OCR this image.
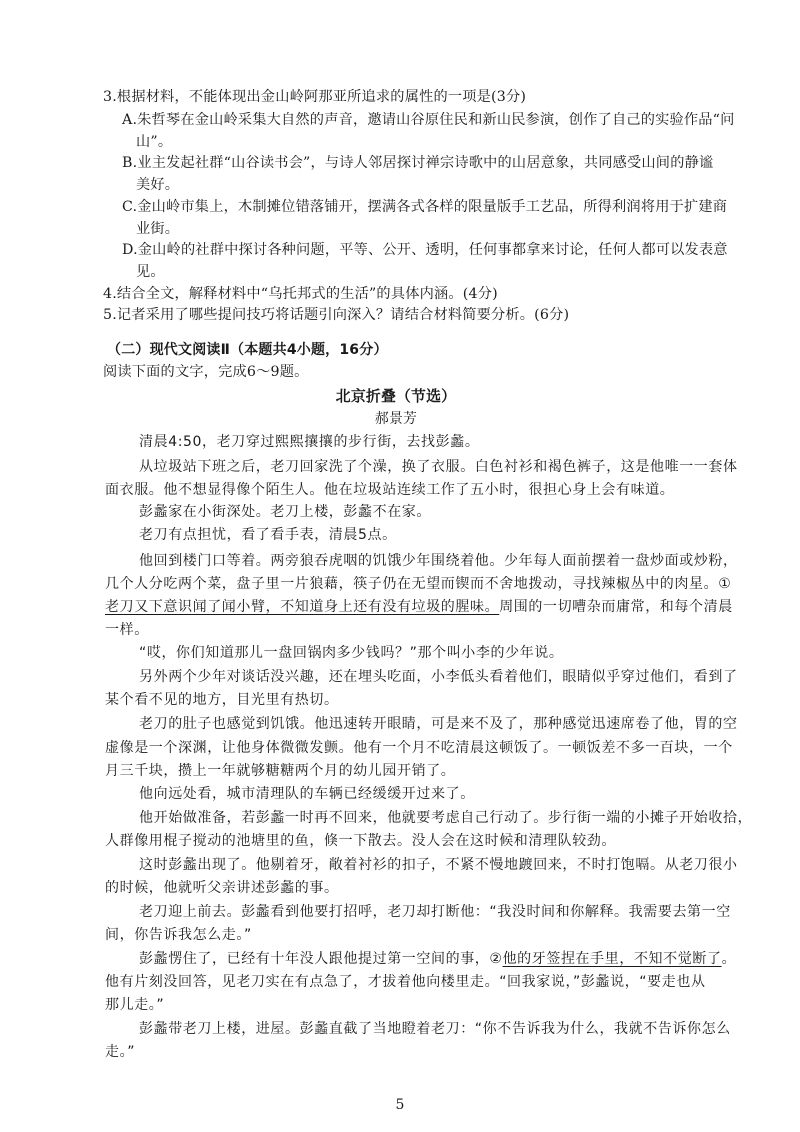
3.根据材料，不能体现出金山岭阿那亚所追求的属性的一项是(3分)
A.朱哲琴在金山岭采集大自然的声音，邀请山谷原住民和新山民参演，创作了自己的实验作品“问
山”。
B.业主发起社群“山谷读书会”，与诗人邻居探讨禅宗诗歌中的山居意象，共同感受山间的静谧
美好。
C.金山岭市集上，木制摊位错落铺开，摆满各式各样的限量版手工艺品，所得利润将用于扩建商
业街。
D.金山岭的社群中探讨各种问题，平等、公开、透明，任何事都拿来讨论，任何人都可以发表意
见。
4.结合全文，解释材料中“乌托邦式的生活”的具体内涵。(4分)
5.记者采用了哪些提问技巧将话题引向深入？请结合材料简要分析。(6分)
（二）现代文阅读Ⅱ（本题共4小题，16分）
阅读下面的文字，完成6～9题。
北京折叠（节选）
郝景芳
清晨4:50，老刀穿过熙熙攘攘的步行街，去找彭蠡。
从垃圾站下班之后，老刀回家洗了个澡，换了衣服。白色衬衫和褐色裤子，这是他唯一一套体
面衣服。他不想显得像个陌生人。他在垃圾站连续工作了五小时，很担心身上会有味道。
彭蠡家在小街深处。老刀上楼，彭蠡不在家。
老刀有点担忧，看了看手表，清晨5点。
他回到楼门口等着。两旁狼吞虎咽的饥饿少年围绕着他。少年每人面前摆着一盘炒面或炒粉，
几个人分吃两个菜，盘子里一片狼藉，筷子仍在无望而锲而不舍地拨动，寻找辣椒丛中的肉星。①
老刀又下意识闻了闻小臂，不知道身上还有没有垃圾的腥味。周围的一切嘈杂而庸常，和每个清晨
一样。
“哎，你们知道那儿一盘回锅肉多少钱吗？”那个叫小李的少年说。
另外两个少年对谈话没兴趣，还在埋头吃面，小李低头看着他们，眼睛似乎穿过他们，看到了
某个看不见的地方，目光里有热切。
老刀的肚子也感觉到饥饿。他迅速转开眼睛，可是来不及了，那种感觉迅速席卷了他，胃的空
虚像是一个深渊，让他身体微微发颤。他有一个月不吃清晨这顿饭了。一顿饭差不多一百块，一个
月三千块，攒上一年就够糖糖两个月的幼儿园开销了。
他向远处看，城市清理队的车辆已经缓缓开过来了。
他开始做准备，若彭蠡一时再不回来，他就要考虑自己行动了。步行街一端的小摊子开始收拾，
人群像用棍子搅动的池塘里的鱼，倏一下散去。没人会在这时候和清理队较劲。
这时彭蠡出现了。他剔着牙，敞着衬衫的扣子，不紧不慢地踱回来，不时打饱嗝。从老刀很小
的时候，他就听父亲讲述彭蠡的事。
老刀迎上前去。彭蠡看到他要打招呼，老刀却打断他：“我没时间和你解释。我需要去第一空
间，你告诉我怎么走。”
彭蠡愣住了，已经有十年没人跟他提过第一空间的事，②他的牙签捏在手里，不知不觉断了。
他有片刻没回答，见老刀实在有点急了，才拔着他向楼里走。“回我家说，”彭蠡说，“要走也从
那儿走。”
彭蠡带老刀上楼，进屋。彭蠡直截了当地瞪着老刀：“你不告诉我为什么，我就不告诉你怎么
走。”
5
